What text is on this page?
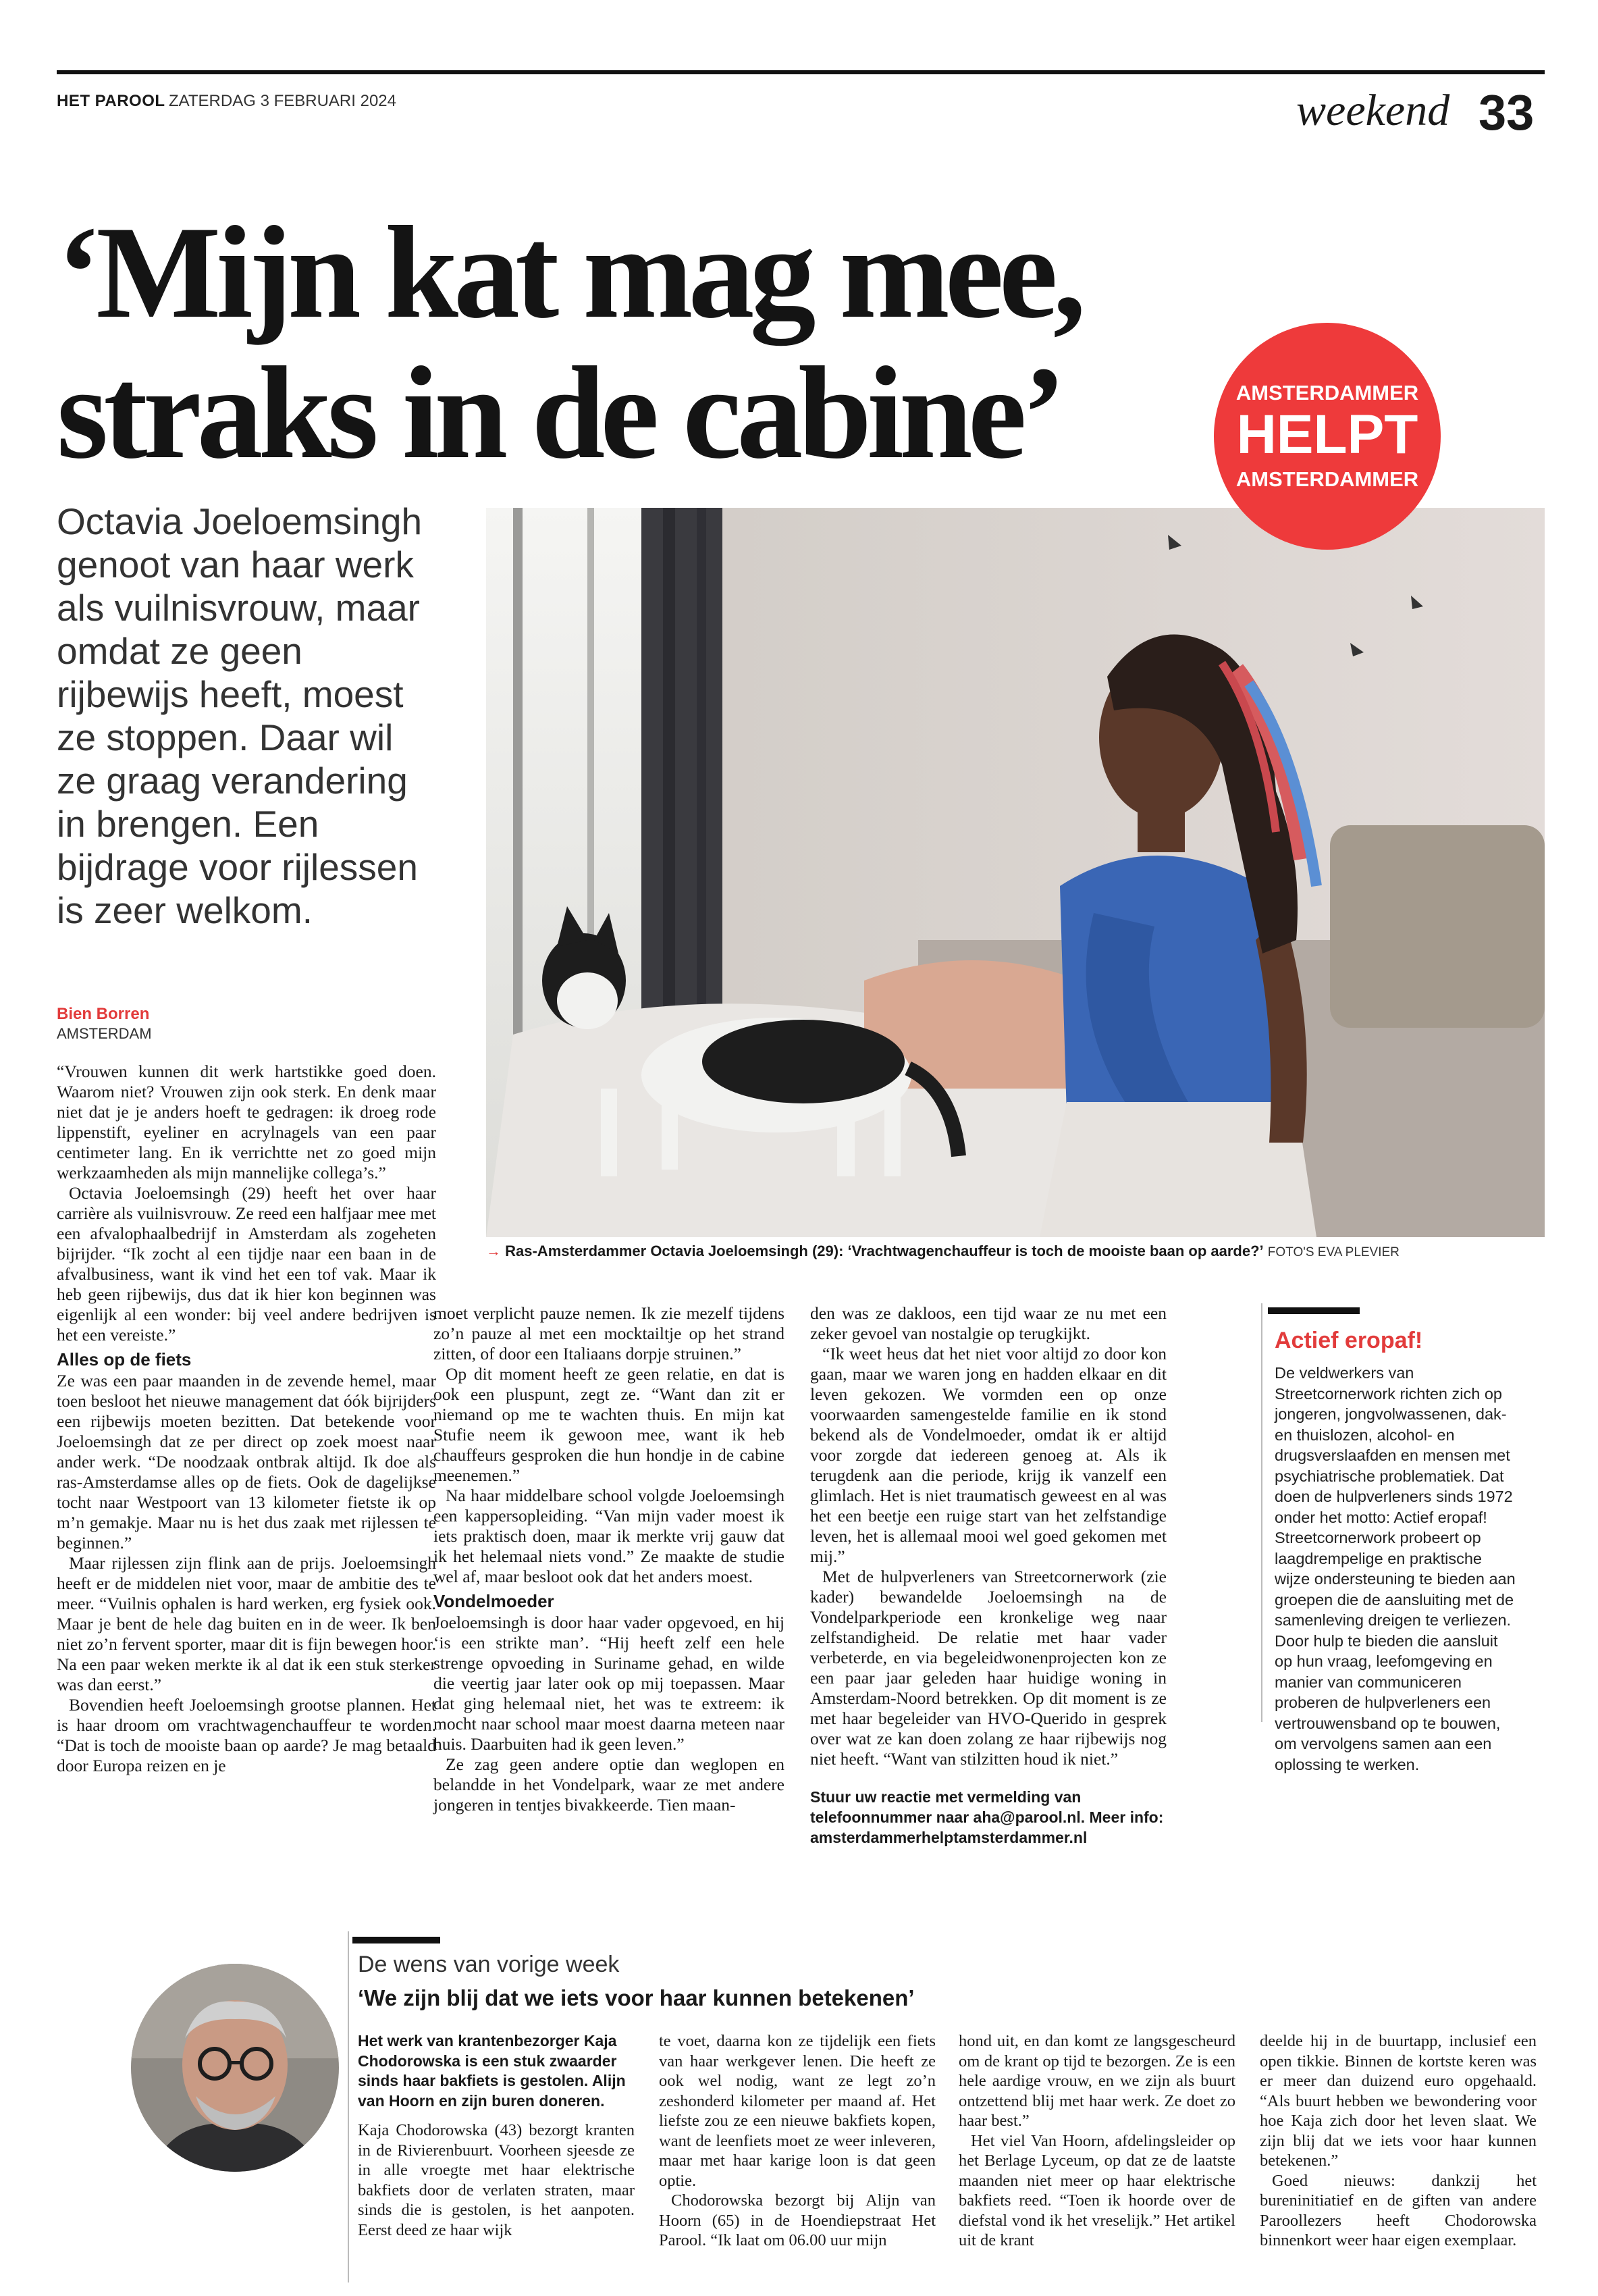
HET PAROOL ZATERDAG 3 FEBRUARI 2024	weekend 33
‘Mijn kat mag mee,
straks in de cabine’	AMSTERDAMMER
HELPT
AMSTERDAMMER
→ Ras-Amsterdammer Octavia Joeloemsingh (29): ‘Vrachtwagenchauffeur is toch de mooiste baan op aarde?’ FOTO'S EVA PLEVIER
Octavia Joeloemsingh genoot van haar werk als vuilnisvrouw, maar omdat ze geen rijbewijs heeft, moest ze stoppen. Daar wil ze graag verandering in brengen. Een bijdrage voor rijlessen is zeer welkom.
Bien Borren
AMSTERDAM

“Vrouwen kunnen dit werk hartstikke goed doen. Waarom niet? Vrouwen zijn ook sterk. En denk maar niet dat je je anders hoeft te gedragen: ik droeg rode lippenstift, eyeliner en acrylnagels van een paar centimeter lang. En ik verrichtte net zo goed mijn werkzaamheden als mijn mannelijke collega’s.”

Octavia Joeloemsingh (29) heeft het over haar carrière als vuilnisvrouw. Ze reed een halfjaar mee met een afvalophaalbedrijf in Amsterdam als zogeheten bijrijder. “Ik zocht al een tijdje naar een baan in de afvalbusiness, want ik vind het een tof vak. Maar ik heb geen rijbewijs, dus dat ik hier kon beginnen was eigenlijk al een wonder: bij veel andere bedrijven is het een vereiste.”

Alles op de fiets

Ze was een paar maanden in de zevende hemel, maar toen besloot het nieuwe management dat óók bijrijders een rijbewijs moeten bezitten. Dat betekende voor Joeloemsingh dat ze per direct op zoek moest naar ander werk. “De noodzaak ontbrak altijd. Ik doe als ras-Amsterdamse alles op de fiets. Ook de dagelijkse tocht naar Westpoort van 13 kilometer fietste ik op m’n gemakje. Maar nu is het dus zaak met rijlessen te beginnen.”

Maar rijlessen zijn flink aan de prijs. Joeloemsingh heeft er de middelen niet voor, maar de ambitie des te meer. “Vuilnis ophalen is hard werken, erg fysiek ook. Maar je bent de hele dag buiten en in de weer. Ik ben niet zo’n fervent sporter, maar dit is fijn bewegen hoor. Na een paar weken merkte ik al dat ik een stuk sterker was dan eerst.”

Bovendien heeft Joeloemsingh grootse plannen. Het is haar droom om vrachtwagenchauffeur te worden. “Dat is toch de mooiste baan op aarde? Je mag betaald door Europa reizen en je

moet verplicht pauze nemen. Ik zie mezelf tijdens zo’n pauze al met een mocktailtje op het strand zitten, of door een Italiaans dorpje struinen.”

Op dit moment heeft ze geen relatie, en dat is ook een pluspunt, zegt ze. “Want dan zit er niemand op me te wachten thuis. En mijn kat Stufie neem ik gewoon mee, want ik heb chauffeurs gesproken die hun hondje in de cabine meenemen.”

Na haar middelbare school volgde Joeloemsingh een kappersopleiding. “Van mijn vader moest ik iets praktisch doen, maar ik merkte vrij gauw dat ik het helemaal niets vond.” Ze maakte de studie wel af, maar besloot ook dat het anders moest.

Vondelmoeder

Joeloemsingh is door haar vader opgevoed, en hij ‘is een strikte man’. “Hij heeft zelf een hele strenge opvoeding in Suriname gehad, en wilde die veertig jaar later ook op mij toepassen. Maar dat ging helemaal niet, het was te extreem: ik mocht naar school maar moest daarna meteen naar huis. Daarbuiten had ik geen leven.”

Ze zag geen andere optie dan weglopen en belandde in het Vondelpark, waar ze met andere jongeren in tentjes bivakkeerde. Tien maan-

den was ze dakloos, een tijd waar ze nu met een zeker gevoel van nostalgie op terugkijkt.

“Ik weet heus dat het niet voor altijd zo door kon gaan, maar we waren jong en hadden elkaar en dit leven gekozen. We vormden een op onze voorwaarden samengestelde familie en ik stond bekend als de Vondelmoeder, omdat ik er altijd voor zorgde dat iedereen genoeg at. Als ik terugdenk aan die periode, krijg ik vanzelf een glimlach. Het is niet traumatisch geweest en al was het een beetje een ruige start van het zelfstandige leven, het is allemaal mooi wel goed gekomen met mij.”

Met de hulpverleners van Streetcornerwork (zie kader) bewandelde Joeloemsingh na de Vondelparkperiode een kronkelige weg naar zelfstandigheid. De relatie met haar vader verbeterde, en via begeleidwonenprojecten kon ze een paar jaar geleden haar huidige woning in Amsterdam-Noord betrekken. Op dit moment is ze met haar begeleider van HVO-Querido in gesprek over wat ze kan doen zolang ze haar rijbewijs nog niet heeft. “Want van stilzitten houd ik niet.”

Stuur uw reactie met vermelding van telefoonnummer naar aha@parool.nl. Meer info: amsterdammerhelptamsterdammer.nl

Actief eropaf!
De veldwerkers van Streetcornerwork richten zich op jongeren, jongvolwassenen, dak- en thuislozen, alcohol- en drugsverslaafden en mensen met psychiatrische problematiek. Dat doen de hulpverleners sinds 1972 onder het motto: Actief eropaf! Streetcornerwork probeert op laagdrempelige en praktische wijze ondersteuning te bieden aan groepen die de aansluiting met de samenleving dreigen te verliezen. Door hulp te bieden die aansluit op hun vraag, leefomgeving en manier van communiceren proberen de hulpverleners een vertrouwensband op te bouwen, om vervolgens samen aan een oplossing te werken.
De wens van vorige week
‘We zijn blij dat we iets voor haar kunnen betekenen’

Het werk van krantenbezorger Kaja Chodorowska is een stuk zwaarder sinds haar bakfiets is gestolen. Alijn van Hoorn en zijn buren doneren.

Kaja Chodorowska (43) bezorgt kranten in de Rivierenbuurt. Voorheen sjeesde ze in alle vroegte met haar elektrische bakfiets door de verlaten straten, maar sinds die is gestolen, is het aanpoten. Eerst deed ze haar wijk

te voet, daarna kon ze tijdelijk een fiets van haar werkgever lenen. Die heeft ze ook wel nodig, want ze legt zo’n zeshonderd kilometer per maand af. Het liefste zou ze een nieuwe bakfiets kopen, want de leenfiets moet ze weer inleveren, maar met haar karige loon is dat geen optie.

Chodorowska bezorgt bij Alijn van Hoorn (65) in de Hoendiepstraat Het Parool. “Ik laat om 06.00 uur mijn

hond uit, en dan komt ze langsgescheurd om de krant op tijd te bezorgen. Ze is een hele aardige vrouw, en we zijn als buurt ontzettend blij met haar werk. Ze doet zo haar best.”

Het viel Van Hoorn, afdelingsleider op het Berlage Lyceum, op dat ze de laatste maanden niet meer op haar elektrische bakfiets reed. “Toen ik hoorde over de diefstal vond ik het vreselijk.” Het artikel uit de krant

deelde hij in de buurtapp, inclusief een open tikkie. Binnen de kortste keren was er meer dan duizend euro opgehaald. “Als buurt hebben we bewondering voor hoe Kaja zich door het leven slaat. We zijn blij dat we iets voor haar kunnen betekenen.”

Goed nieuws: dankzij het bureninitiatief en de giften van andere Paroollezers heeft Chodorowska binnenkort weer haar eigen exemplaar.
